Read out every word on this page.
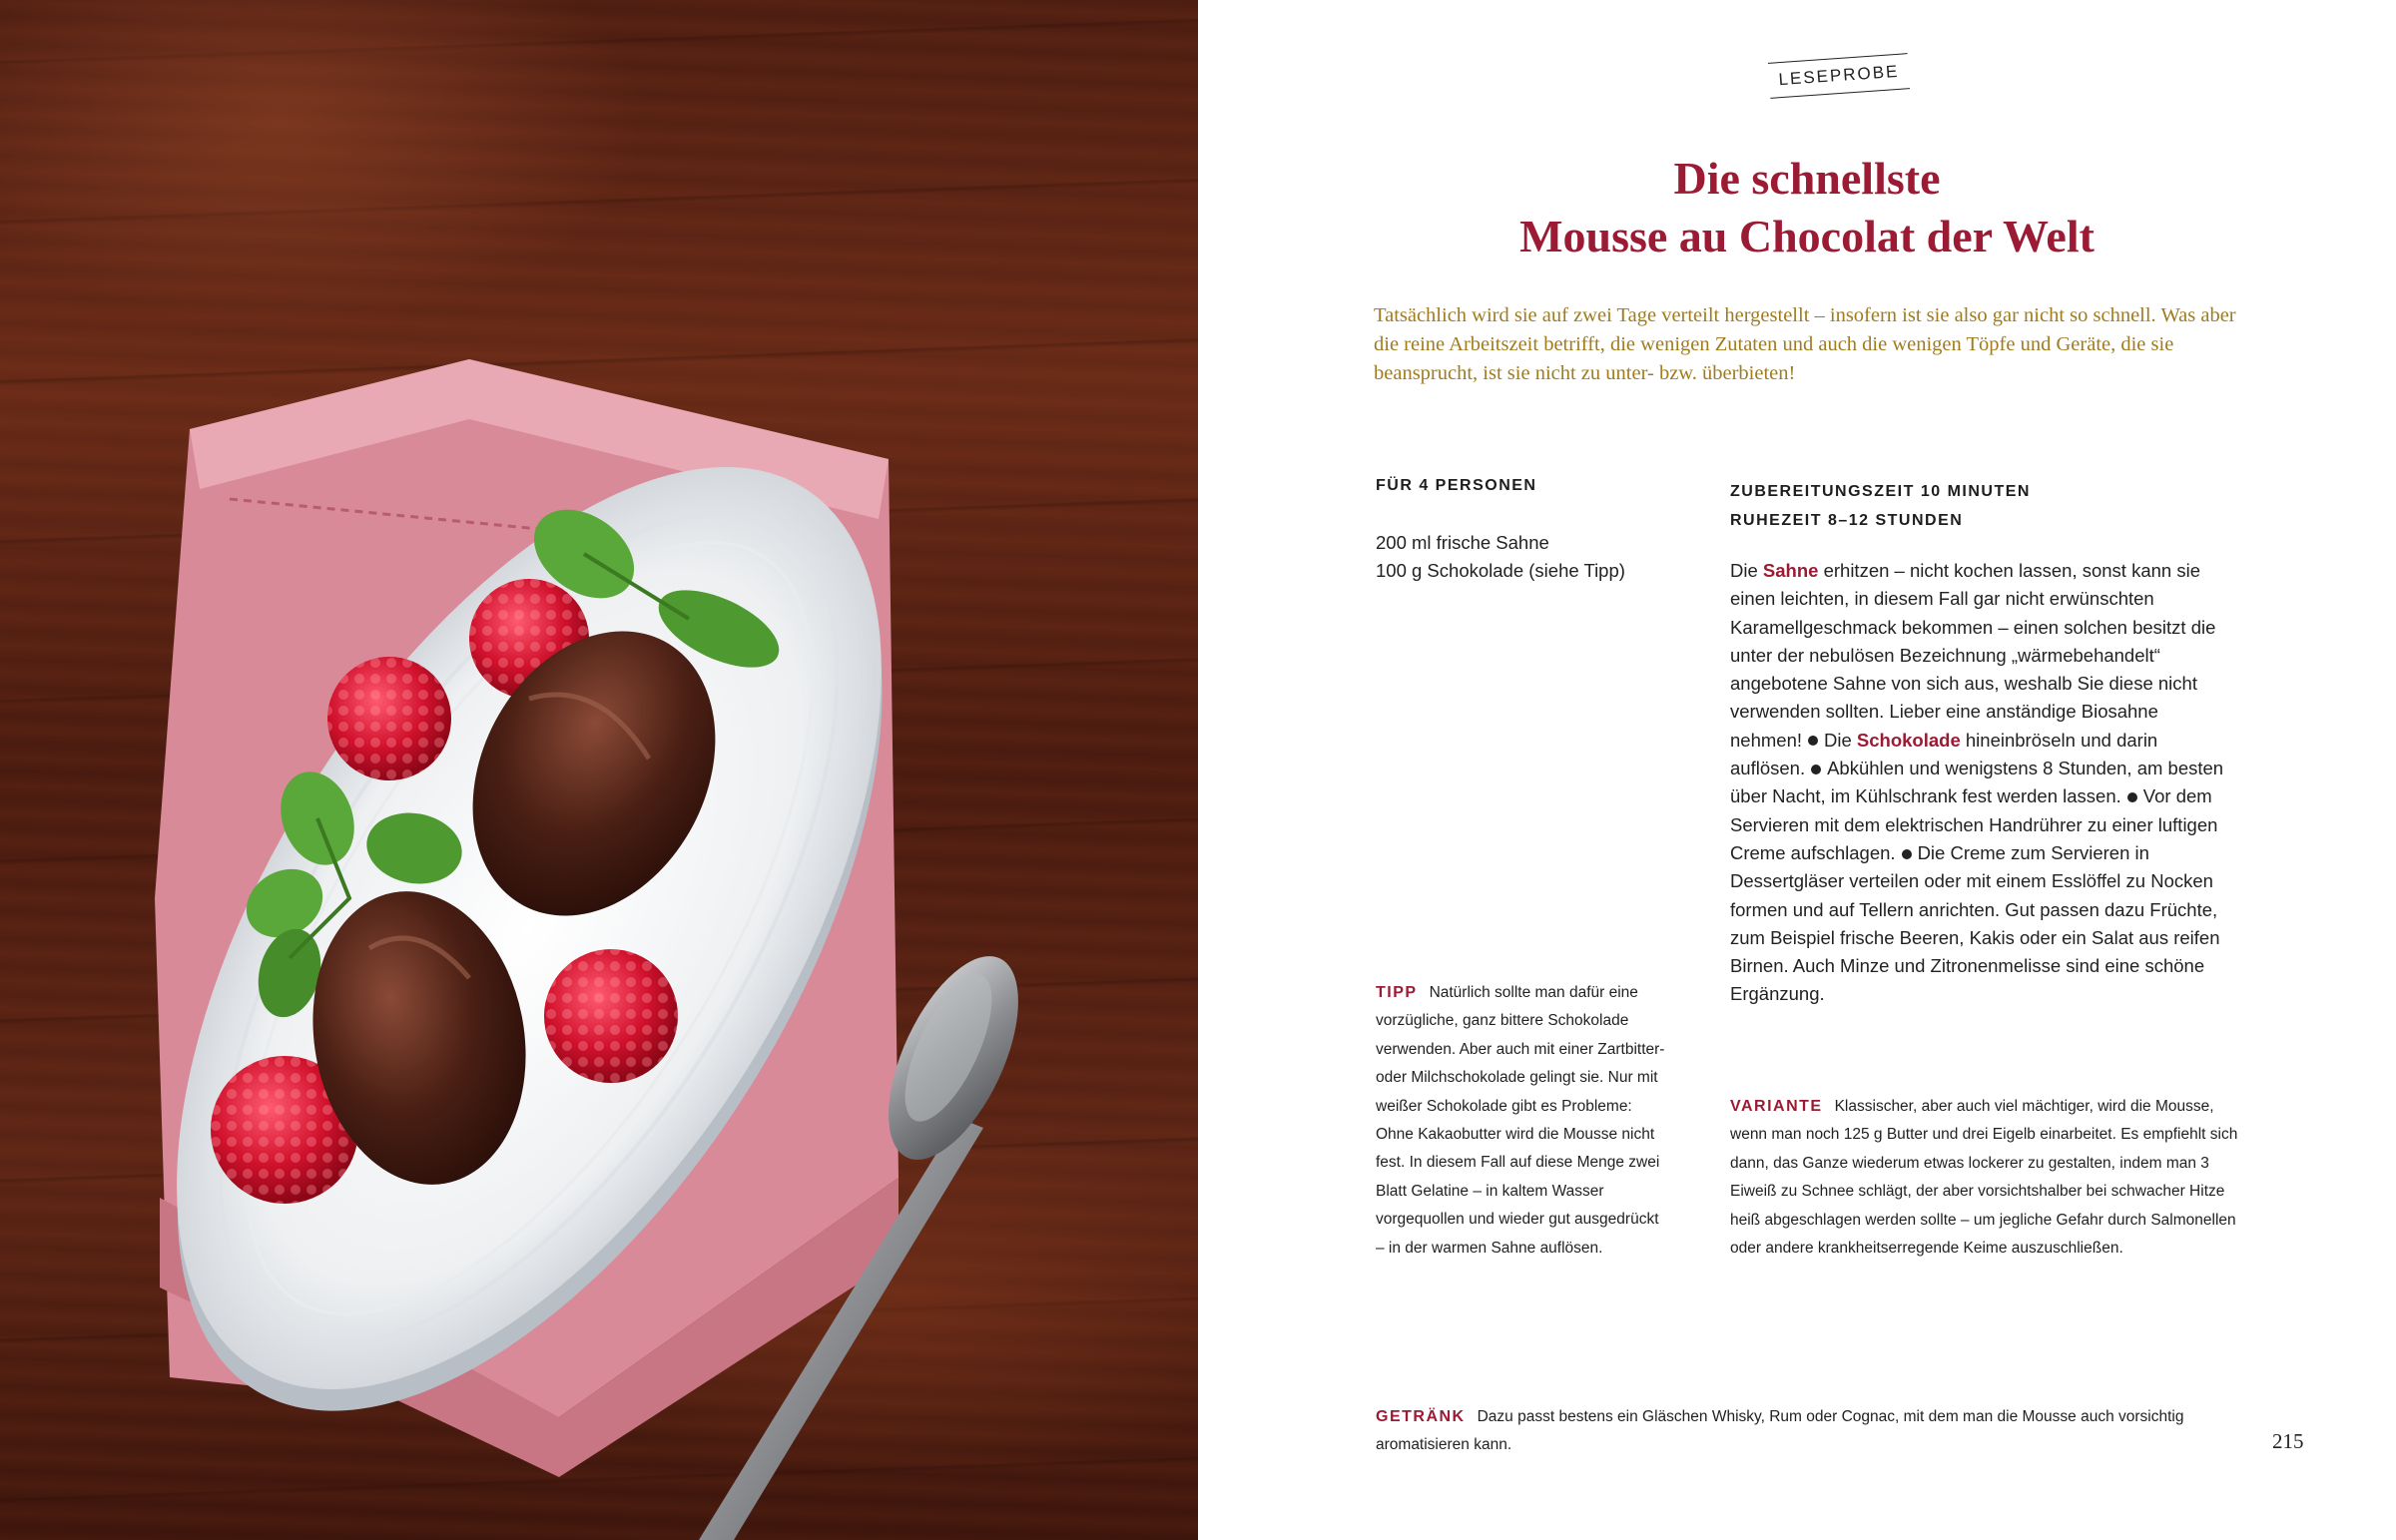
LESEPROBE
Die schnellste
Mousse au Chocolat der Welt
Tatsächlich wird sie auf zwei Tage verteilt hergestellt – insofern ist sie also gar nicht so schnell. Was aber die reine Arbeitszeit betrifft, die wenigen Zutaten und auch die wenigen Töpfe und Geräte, die sie beansprucht, ist sie nicht zu unter- bzw. überbieten!
FÜR 4 PERSONEN	ZUBEREITUNGSZEIT 10 MINUTEN
RUHEZEIT 8–12 STUNDEN
200 ml frische Sahne
100 g Schokolade (siehe Tipp)	Die Sahne erhitzen – nicht kochen lassen, sonst kann sie einen leichten, in diesem Fall gar nicht erwünschten Karamellgeschmack bekommen – einen solchen besitzt die unter der nebulösen Bezeichnung „wärmebehandelt“ angebotene Sahne von sich aus, weshalb Sie diese nicht verwenden sollten. Lieber eine anständige Biosahne nehmen! Die Schokolade hineinbröseln und darin auflösen. Abkühlen und wenigstens 8 Stunden, am besten über Nacht, im Kühlschrank fest werden lassen. Vor dem Servieren mit dem elektrischen Handrührer zu einer luftigen Creme aufschlagen. Die Creme zum Servieren in Dessertgläser verteilen oder mit einem Esslöffel zu Nocken formen und auf Tellern anrichten. Gut passen dazu Früchte, zum Beispiel frische Beeren, Kakis oder ein Salat aus reifen Birnen. Auch Minze und Zitronenmelisse sind eine schöne Ergänzung.
TIPP Natürlich sollte man dafür eine vorzügliche, ganz bittere Schokolade verwenden. Aber auch mit einer Zartbitter- oder Milchschokolade gelingt sie. Nur mit weißer Schokolade gibt es Probleme: Ohne Kakaobutter wird die Mousse nicht fest. In diesem Fall auf diese Menge zwei Blatt Gelatine – in kaltem Wasser vorgequollen und wieder gut ausgedrückt – in der warmen Sahne auflösen.
VARIANTE Klassischer, aber auch viel mächtiger, wird die Mousse, wenn man noch 125 g Butter und drei Eigelb einarbeitet. Es empfiehlt sich dann, das Ganze wiederum etwas lockerer zu gestalten, indem man 3 Eiweiß zu Schnee schlägt, der aber vorsichtshalber bei schwacher Hitze heiß abgeschlagen werden sollte – um jegliche Gefahr durch Salmonellen oder andere krankheitserregende Keime auszuschließen.
GETRÄNK Dazu passt bestens ein Gläschen Whisky, Rum oder Cognac, mit dem man die Mousse auch vorsichtig aromatisieren kann.	215
